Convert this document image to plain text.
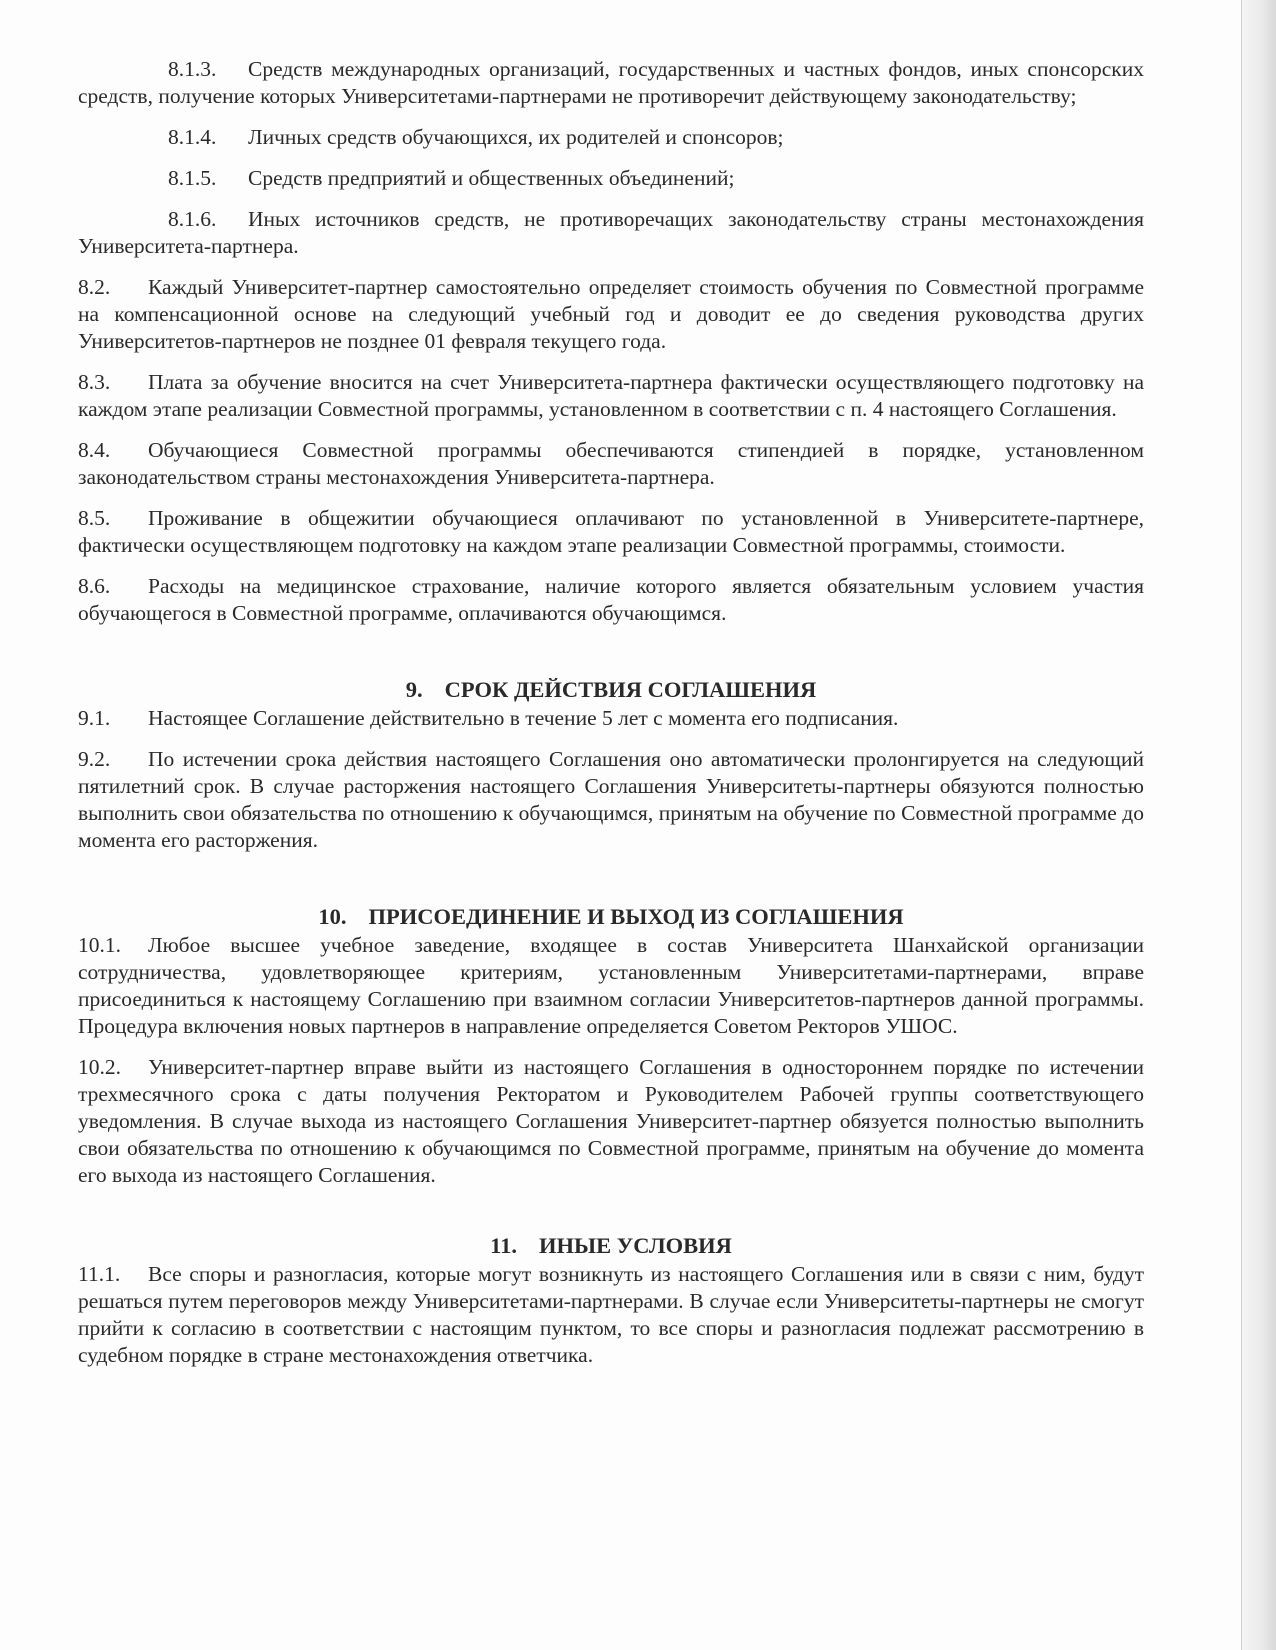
8.1.3. Средств международных организаций, государственных и частных фондов, иных спонсорских средств, получение которых Университетами-партнерами не противоречит действующему законодательству;

8.1.4. Личных средств обучающихся, их родителей и спонсоров;

8.1.5. Средств предприятий и общественных объединений;

8.1.6. Иных источников средств, не противоречащих законодательству страны местонахождения Университета-партнера.

8.2. Каждый Университет-партнер самостоятельно определяет стоимость обучения по Совместной программе на компенсационной основе на следующий учебный год и доводит ее до сведения руководства других Университетов-партнеров не позднее 01 февраля текущего года.

8.3. Плата за обучение вносится на счет Университета-партнера фактически осуществляющего подготовку на каждом этапе реализации Совместной программы, установленном в соответствии с п. 4 настоящего Соглашения.

8.4. Обучающиеся Совместной программы обеспечиваются стипендией в порядке, установленном законодательством страны местонахождения Университета-партнера.

8.5. Проживание в общежитии обучающиеся оплачивают по установленной в Университете-партнере, фактически осуществляющем подготовку на каждом этапе реализации Совместной программы, стоимости.

8.6. Расходы на медицинское страхование, наличие которого является обязательным условием участия обучающегося в Совместной программе, оплачиваются обучающимся.

9. СРОК ДЕЙСТВИЯ СОГЛАШЕНИЯ

9.1. Настоящее Соглашение действительно в течение 5 лет с момента его подписания.

9.2. По истечении срока действия настоящего Соглашения оно автоматически пролонгируется на следующий пятилетний срок. В случае расторжения настоящего Соглашения Университеты-партнеры обязуются полностью выполнить свои обязательства по отношению к обучающимся, принятым на обучение по Совместной программе до момента его расторжения.

10. ПРИСОЕДИНЕНИЕ И ВЫХОД ИЗ СОГЛАШЕНИЯ

10.1. Любое высшее учебное заведение, входящее в состав Университета Шанхайской организации сотрудничества, удовлетворяющее критериям, установленным Университетами-партнерами, вправе присоединиться к настоящему Соглашению при взаимном согласии Университетов-партнеров данной программы. Процедура включения новых партнеров в направление определяется Советом Ректоров УШОС.

10.2. Университет-партнер вправе выйти из настоящего Соглашения в одностороннем порядке по истечении трехмесячного срока с даты получения Ректоратом и Руководителем Рабочей группы соответствующего уведомления. В случае выхода из настоящего Соглашения Университет-партнер обязуется полностью выполнить свои обязательства по отношению к обучающимся по Совместной программе, принятым на обучение до момента его выхода из настоящего Соглашения.

11. ИНЫЕ УСЛОВИЯ

11.1. Все споры и разногласия, которые могут возникнуть из настоящего Соглашения или в связи с ним, будут решаться путем переговоров между Университетами-партнерами. В случае если Университеты-партнеры не смогут прийти к согласию в соответствии с настоящим пунктом, то все споры и разногласия подлежат рассмотрению в судебном порядке в стране местонахождения ответчика.
